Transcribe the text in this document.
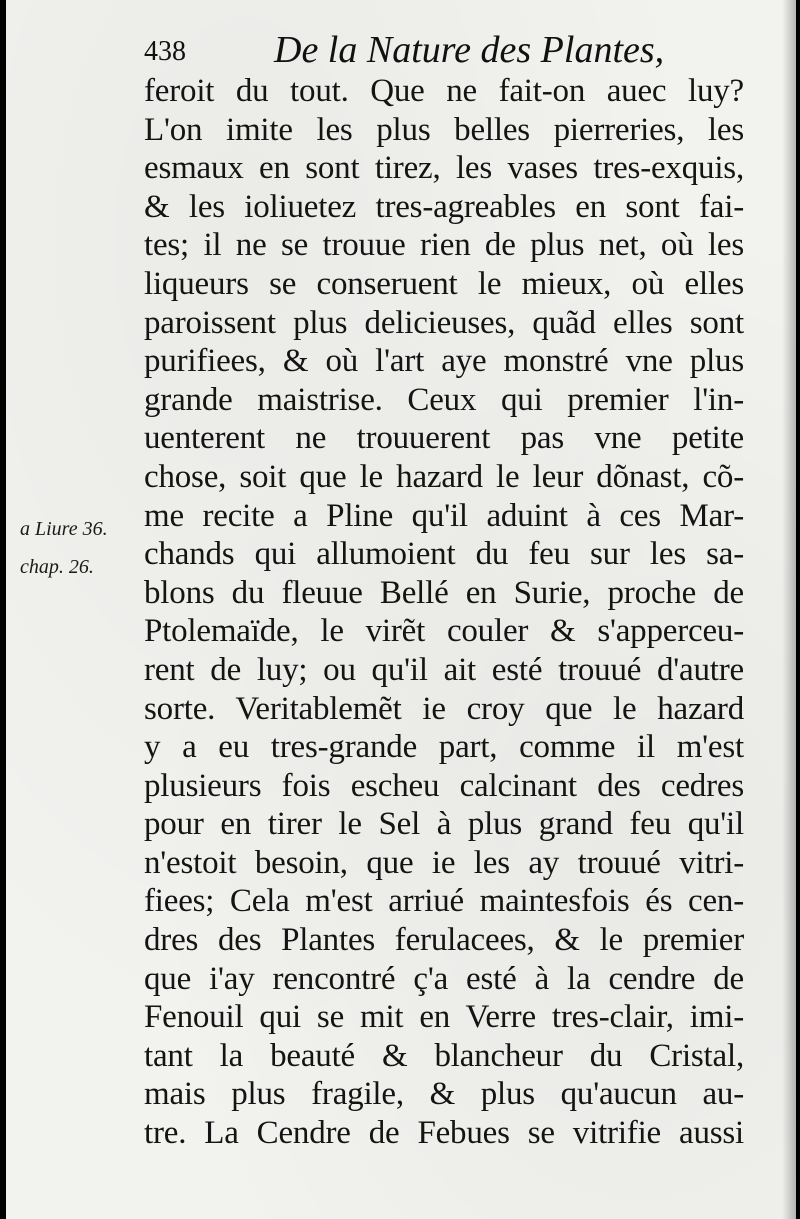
438 De la Nature des Plantes,
a Liure 36.
chap. 26.
feroit du tout. Que ne fait-on auec luy?
L'on imite les plus belles pierreries, les
esmaux en sont tirez, les vases tres-exquis,
& les ioliuetez tres-agreables en sont fai-
tes; il ne se trouue rien de plus net, où les
liqueurs se conseruent le mieux, où elles
paroissent plus delicieuses, quãd elles sont
purifiees, & où l'art aye monstré vne plus
grande maistrise. Ceux qui premier l'in-
uenterent ne trouuerent pas vne petite
chose, soit que le hazard le leur dõnast, cõ-
me recite a Pline qu'il aduint à ces Mar-
chands qui allumoient du feu sur les sa-
blons du fleuue Bellé en Surie, proche de
Ptolemaïde, le virẽt couler & s'apperceu-
rent de luy; ou qu'il ait esté trouué d'autre
sorte. Veritablemẽt ie croy que le hazard
y a eu tres-grande part, comme il m'est
plusieurs fois escheu calcinant des cedres
pour en tirer le Sel à plus grand feu qu'il
n'estoit besoin, que ie les ay trouué vitri-
fiees; Cela m'est arriué maintesfois és cen-
dres des Plantes ferulacees, & le premier
que i'ay rencontré ç'a esté à la cendre de
Fenouil qui se mit en Verre tres-clair, imi-
tant la beauté & blancheur du Cristal,
mais plus fragile, & plus qu'aucun au-
tre. La Cendre de Febues se vitrifie aussi
